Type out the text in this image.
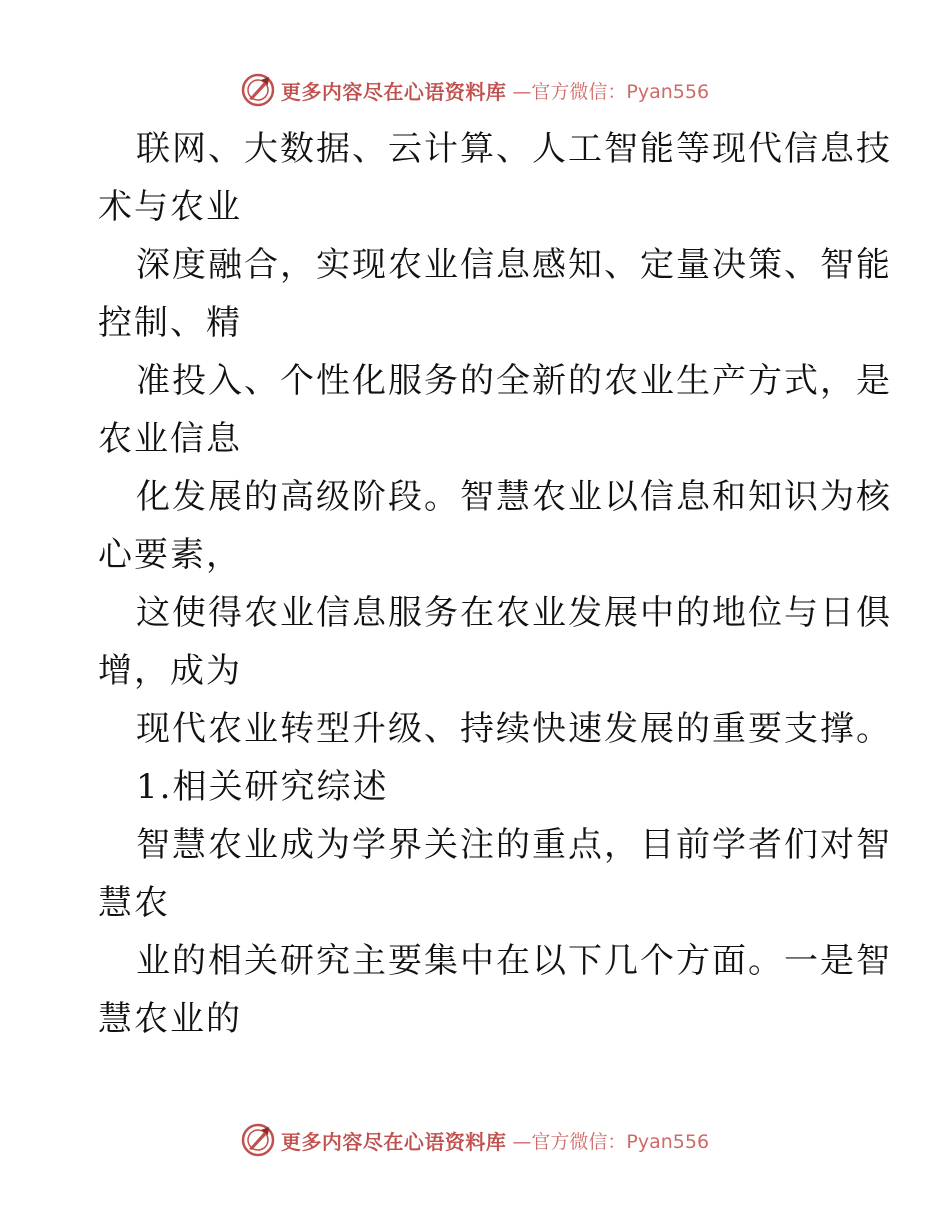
更多内容尽在心语资料库 —官方微信：Pyan556
联网、大数据、云计算、人工智能等现代信息技
术与农业
深度融合，实现农业信息感知、定量决策、智能
控制、精
准投入、个性化服务的全新的农业生产方式，是
农业信息
化发展的高级阶段。智慧农业以信息和知识为核
心要素，
这使得农业信息服务在农业发展中的地位与日俱
增，成为
现代农业转型升级、持续快速发展的重要支撑。
1.相关研究综述
智慧农业成为学界关注的重点，目前学者们对智
慧农
业的相关研究主要集中在以下几个方面。一是智
慧农业的
更多内容尽在心语资料库 —官方微信：Pyan556
